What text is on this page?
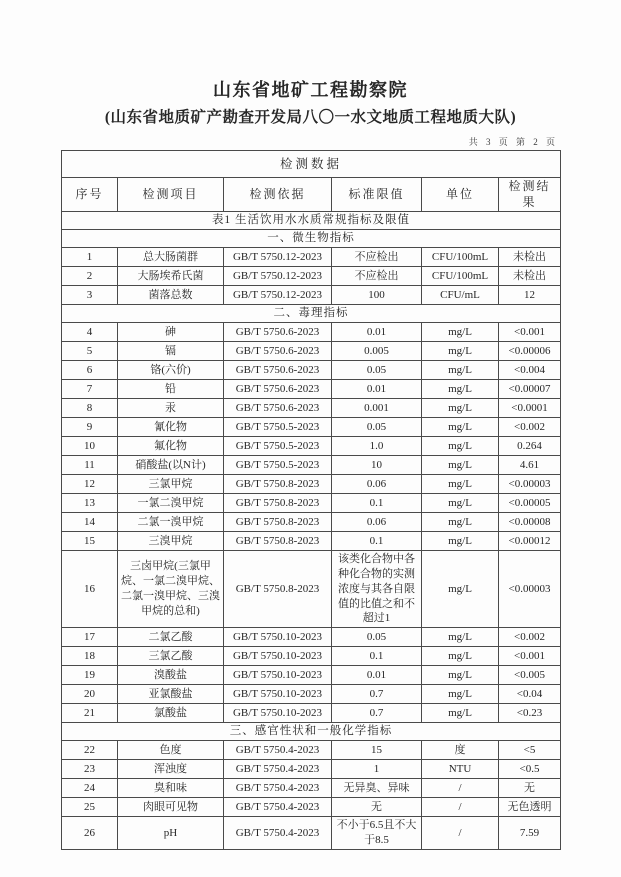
山东省地矿工程勘察院
(山东省地质矿产勘查开发局八〇一水文地质工程地质大队)
共 3 页 第 2 页
检测数据					
序号	检测项目	检测依据	标准限值	单位	检测结果
表1 生活饮用水水质常规指标及限值					
一、微生物指标					
1	总大肠菌群	GB/T 5750.12-2023	不应检出	CFU/100mL	未检出
2	大肠埃希氏菌	GB/T 5750.12-2023	不应检出	CFU/100mL	未检出
3	菌落总数	GB/T 5750.12-2023	100	CFU/mL	12
二、毒理指标					
4	砷	GB/T 5750.6-2023	0.01	mg/L	<0.001
5	镉	GB/T 5750.6-2023	0.005	mg/L	<0.00006
6	铬(六价)	GB/T 5750.6-2023	0.05	mg/L	<0.004
7	铅	GB/T 5750.6-2023	0.01	mg/L	<0.00007
8	汞	GB/T 5750.6-2023	0.001	mg/L	<0.0001
9	氰化物	GB/T 5750.5-2023	0.05	mg/L	<0.002
10	氟化物	GB/T 5750.5-2023	1.0	mg/L	0.264
11	硝酸盐(以N计)	GB/T 5750.5-2023	10	mg/L	4.61
12	三氯甲烷	GB/T 5750.8-2023	0.06	mg/L	<0.00003
13	一氯二溴甲烷	GB/T 5750.8-2023	0.1	mg/L	<0.00005
14	二氯一溴甲烷	GB/T 5750.8-2023	0.06	mg/L	<0.00008
15	三溴甲烷	GB/T 5750.8-2023	0.1	mg/L	<0.00012
16	三卤甲烷(三氯甲烷、一氯二溴甲烷、二氯一溴甲烷、三溴甲烷的总和)	GB/T 5750.8-2023	该类化合物中各种化合物的实测浓度与其各自限值的比值之和不超过1	mg/L	<0.00003
17	二氯乙酸	GB/T 5750.10-2023	0.05	mg/L	<0.002
18	三氯乙酸	GB/T 5750.10-2023	0.1	mg/L	<0.001
19	溴酸盐	GB/T 5750.10-2023	0.01	mg/L	<0.005
20	亚氯酸盐	GB/T 5750.10-2023	0.7	mg/L	<0.04
21	氯酸盐	GB/T 5750.10-2023	0.7	mg/L	<0.23
三、感官性状和一般化学指标					
22	色度	GB/T 5750.4-2023	15	度	<5
23	浑浊度	GB/T 5750.4-2023	1	NTU	<0.5
24	臭和味	GB/T 5750.4-2023	无异臭、异味	/	无
25	肉眼可见物	GB/T 5750.4-2023	无	/	无色透明
26	pH	GB/T 5750.4-2023	不小于6.5且不大于8.5	/	7.59
